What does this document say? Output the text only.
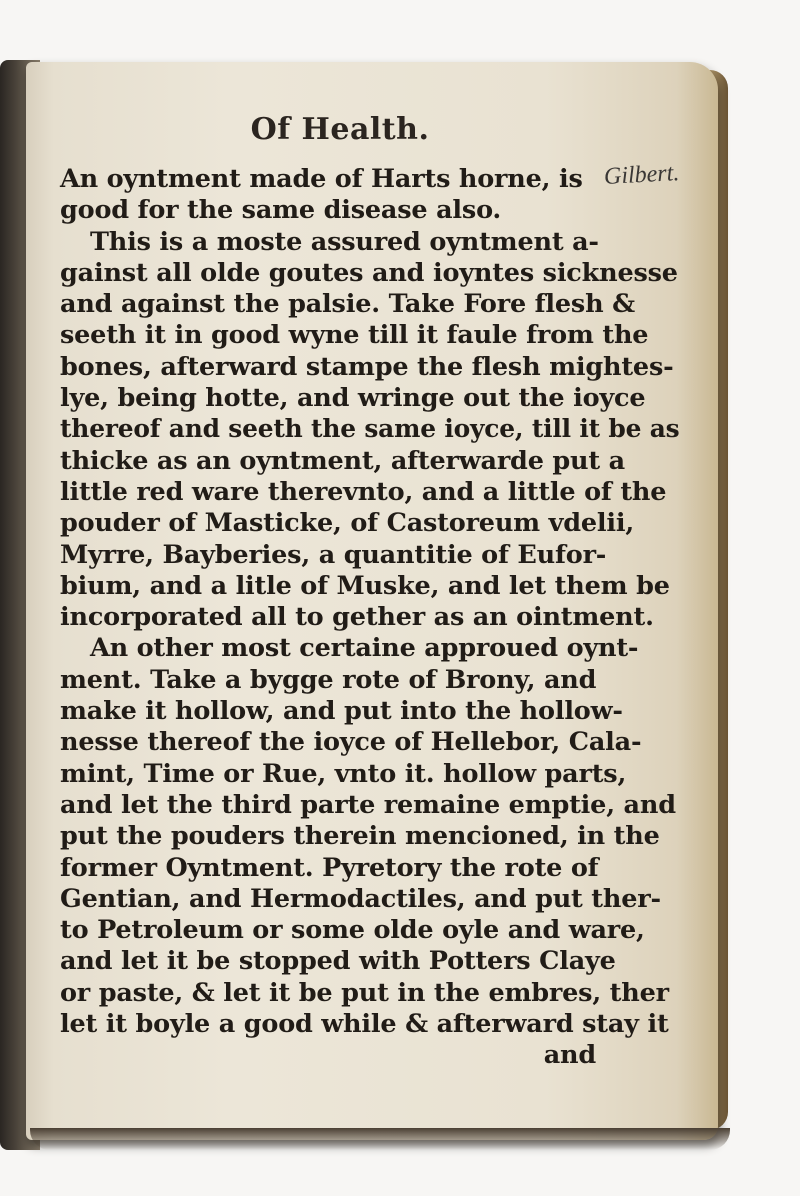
Of Health.
Gilbert.
An oyntment made of Harts horne, is
good for the same disease also.
This is a moste assured oyntment a-
gainst all olde goutes and ioyntes sicknesse
and against the palsie. Take Fore flesh &
seeth it in good wyne till it faule from the
bones, afterward stampe the flesh mightes-
lye, being hotte, and wringe out the ioyce
thereof and seeth the same ioyce, till it be as
thicke as an oyntment, afterwarde put a
little red ware therevnto, and a little of the
pouder of Masticke, of Castoreum vdelii,
Myrre, Bayberies, a quantitie of Eufor-
bium, and a litle of Muske, and let them be
incorporated all to gether as an ointment.
An other most certaine approued oynt-
ment. Take a bygge rote of Brony, and
make it hollow, and put into the hollow-
nesse thereof the ioyce of Hellebor, Cala-
mint, Time or Rue, vnto it. hollow parts,
and let the third parte remaine emptie, and
put the pouders therein mencioned, in the
former Oyntment. Pyretory the rote of
Gentian, and Hermodactiles, and put ther-
to Petroleum or some olde oyle and ware,
and let it be stopped with Potters Claye
or paste, & let it be put in the embres, ther
let it boyle a good while & afterward stay it
and
